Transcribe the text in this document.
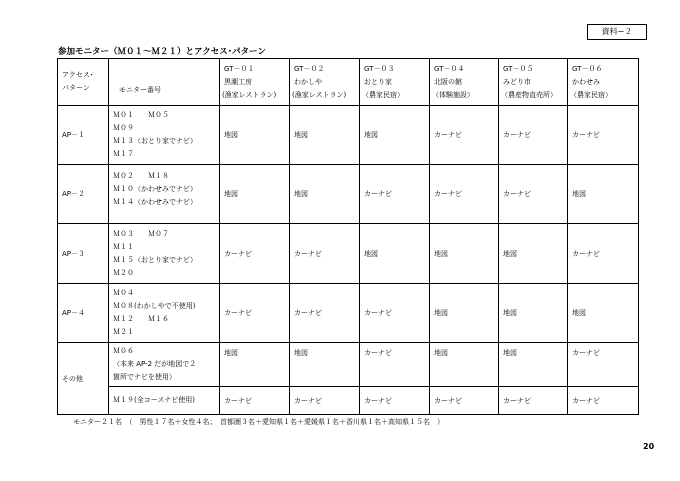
資料−２
参加モニター（Ｍ０１〜Ｍ２１）とアクセス･パターン
アクセス･
パターン	モニター番号	GT－０１
黒潮工房
(漁家レストラン)	GT－０２
わかしや
(漁家レストラン)	GT－０３
おとり家
（農家民宿）	GT－０４
北阪の館
（体験施設）	GT－０５
みどり市
（農産物直売所）	GT－０６
かわせみ
（農家民宿）

AP－１	Ｍ０１　　Ｍ０５
Ｍ０９
Ｍ１３（おとり家でナビ）
Ｍ１７	地図	地図	地図	カーナビ	カーナビ	カーナビ
AP－２	Ｍ０２　　Ｍ１８
Ｍ１０（かわせみでナビ）
Ｍ１４（かわせみでナビ）	地図	地図	カーナビ	カーナビ	カーナビ	地図
AP－３	Ｍ０３　　Ｍ０７
Ｍ１１
Ｍ１５（おとり家でナビ）
Ｍ２０	カーナビ	カーナビ	地図	地図	地図	カーナビ
AP－４	Ｍ０４
Ｍ０８(わかしやで不使用)
Ｍ１２　　Ｍ１６
Ｍ２１	カーナビ	カーナビ	カーナビ	地図	地図	地図
その他	Ｍ０６
（本来 AP-2 だが地図で２
箇所でナビを使用）	地図	地図	カーナビ	地図	地図	カーナビ

	Ｍ１９(全コースナビ使用)	カーナビ	カーナビ	カーナビ	カーナビ	カーナビ	カーナビ
モニター２１名　（　男性１７名＋女性４名；　首都圏３名＋愛知県１名＋愛媛県１名＋香川県１名＋高知県１５名　）
20
